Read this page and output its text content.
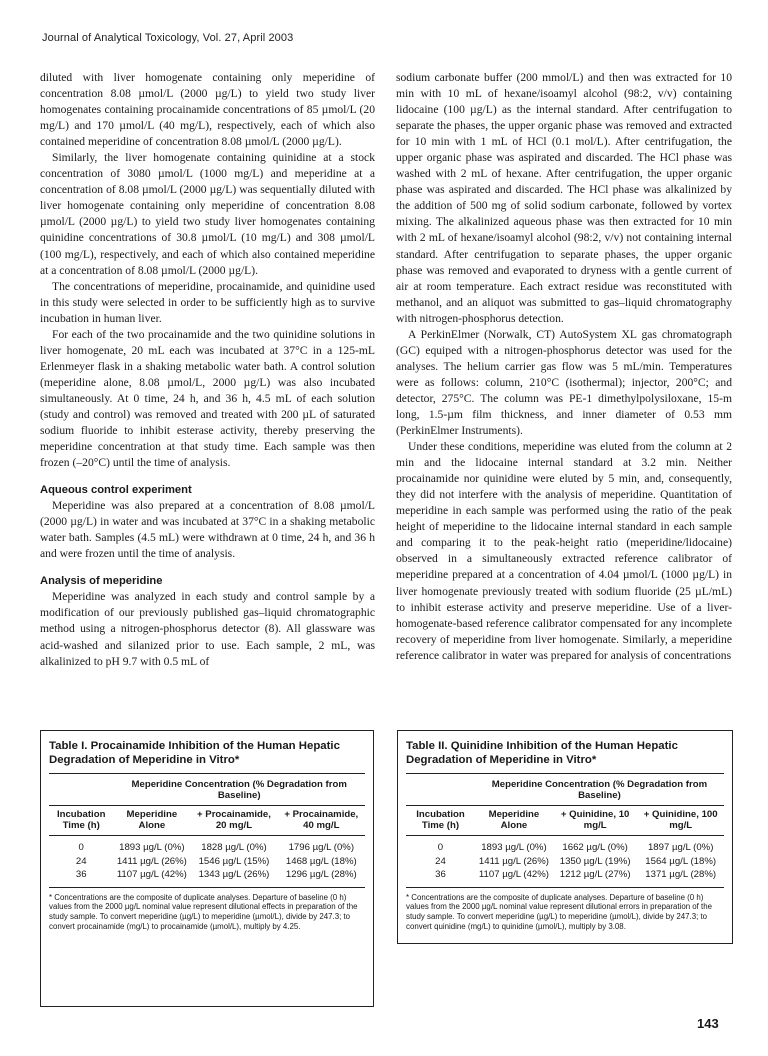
Journal of Analytical Toxicology, Vol. 27, April 2003

diluted with liver homogenate containing only meperidine of concentration 8.08 µmol/L (2000 µg/L) to yield two study liver homogenates containing procainamide concentrations of 85 µmol/L (20 mg/L) and 170 µmol/L (40 mg/L), respectively, each of which also contained meperidine of concentration 8.08 µmol/L (2000 µg/L).

Similarly, the liver homogenate containing quinidine at a stock concentration of 3080 µmol/L (1000 mg/L) and meperidine at a concentration of 8.08 µmol/L (2000 µg/L) was sequentially diluted with liver homogenate containing only meperidine of concentration 8.08 µmol/L (2000 µg/L) to yield two study liver homogenates containing quinidine concentrations of 30.8 µmol/L (10 mg/L) and 308 µmol/L (100 mg/L), respectively, and each of which also contained meperidine at a concentration of 8.08 µmol/L (2000 µg/L).

The concentrations of meperidine, procainamide, and quinidine used in this study were selected in order to be sufficiently high as to survive incubation in human liver.

For each of the two procainamide and the two quinidine solutions in liver homogenate, 20 mL each was incubated at 37°C in a 125-mL Erlenmeyer flask in a shaking metabolic water bath. A control solution (meperidine alone, 8.08 µmol/L, 2000 µg/L) was also incubated simultaneously. At 0 time, 24 h, and 36 h, 4.5 mL of each solution (study and control) was removed and treated with 200 µL of saturated sodium fluoride to inhibit esterase activity, thereby preserving the meperidine concentration at that study time. Each sample was then frozen (–20°C) until the time of analysis.

Aqueous control experiment

Meperidine was also prepared at a concentration of 8.08 µmol/L (2000 µg/L) in water and was incubated at 37°C in a shaking metabolic water bath. Samples (4.5 mL) were withdrawn at 0 time, 24 h, and 36 h and were frozen until the time of analysis.

Analysis of meperidine

Meperidine was analyzed in each study and control sample by a modification of our previously published gas–liquid chromatographic method using a nitrogen-phosphorus detector (8). All glassware was acid-washed and silanized prior to use. Each sample, 2 mL, was alkalinized to pH 9.7 with 0.5 mL of

sodium carbonate buffer (200 mmol/L) and then was extracted for 10 min with 10 mL of hexane/isoamyl alcohol (98:2, v/v) containing lidocaine (100 µg/L) as the internal standard. After centrifugation to separate the phases, the upper organic phase was removed and extracted for 10 min with 1 mL of HCl (0.1 mol/L). After centrifugation, the upper organic phase was aspirated and discarded. The HCl phase was washed with 2 mL of hexane. After centrifugation, the upper organic phase was aspirated and discarded. The HCl phase was alkalinized by the addition of 500 mg of solid sodium carbonate, followed by vortex mixing. The alkalinized aqueous phase was then extracted for 10 min with 2 mL of hexane/isoamyl alcohol (98:2, v/v) not containing internal standard. After centrifugation to separate phases, the upper organic phase was removed and evaporated to dryness with a gentle current of air at room temperature. Each extract residue was reconstituted with methanol, and an aliquot was submitted to gas–liquid chromatography with nitrogen-phosphorus detection.

A PerkinElmer (Norwalk, CT) AutoSystem XL gas chromatograph (GC) equiped with a nitrogen-phosphorus detector was used for the analyses. The helium carrier gas flow was 5 mL/min. Temperatures were as follows: column, 210°C (isothermal); injector, 200°C; and detector, 275°C. The column was PE-1 dimethylpolysiloxane, 15-m long, 1.5-µm film thickness, and inner diameter of 0.53 mm (PerkinElmer Instruments).

Under these conditions, meperidine was eluted from the column at 2 min and the lidocaine internal standard at 3.2 min. Neither procainamide nor quinidine were eluted by 5 min, and, consequently, they did not interfere with the analysis of meperidine. Quantitation of meperidine in each sample was performed using the ratio of the peak height of meperidine to the lidocaine internal standard in each sample and comparing it to the peak-height ratio (meperidine/lidocaine) observed in a simultaneously extracted reference calibrator of meperidine prepared at a concentration of 4.04 µmol/L (1000 µg/L) in liver homogenate previously treated with sodium fluoride (25 µL/mL) to inhibit esterase activity and preserve meperidine. Use of a liver-homogenate-based reference calibrator compensated for any incomplete recovery of meperidine from liver homogenate. Similarly, a meperidine reference calibrator in water was prepared for analysis of concentrations

Table I. Procainamide Inhibition of the Human Hepatic Degradation of Meperidine in Vitro*
	Meperidine Concentration (% Degradation from Baseline)		
Incubation Time (h)	Meperidine Alone	+ Procainamide, 20 mg/L	+ Procainamide, 40 mg/L
0	1893 µg/L (0%)	1828 µg/L (0%)	1796 µg/L (0%)
24	1411 µg/L (26%)	1546 µg/L (15%)	1468 µg/L (18%)
36	1107 µg/L (42%)	1343 µg/L (26%)	1296 µg/L (28%)
* Concentrations are the composite of duplicate analyses. Departure of baseline (0 h) values from the 2000 µg/L nominal value represent dilutional effects in preparation of the study sample. To convert meperidine (µg/L) to meperidine (µmol/L), divide by 247.3; to convert procainamide (mg/L) to procainamide (µmol/L), multiply by 4.25.
Table II. Quinidine Inhibition of the Human Hepatic Degradation of Meperidine in Vitro*
	Meperidine Concentration (% Degradation from Baseline)		
Incubation Time (h)	Meperidine Alone	+ Quinidine, 10 mg/L	+ Quinidine, 100 mg/L
0	1893 µg/L (0%)	1662 µg/L (0%)	1897 µg/L (0%)
24	1411 µg/L (26%)	1350 µg/L (19%)	1564 µg/L (18%)
36	1107 µg/L (42%)	1212 µg/L (27%)	1371 µg/L (28%)
* Concentrations are the composite of duplicate analyses. Departure of baseline (0 h) values from the 2000 µg/L nominal value represent dilutional errors in preparation of the study sample. To convert meperidine (µg/L) to meperidine (µmol/L), divide by 247.3; to convert quinidine (mg/L) to quinidine (µmol/L), multiply by 3.08.
143
